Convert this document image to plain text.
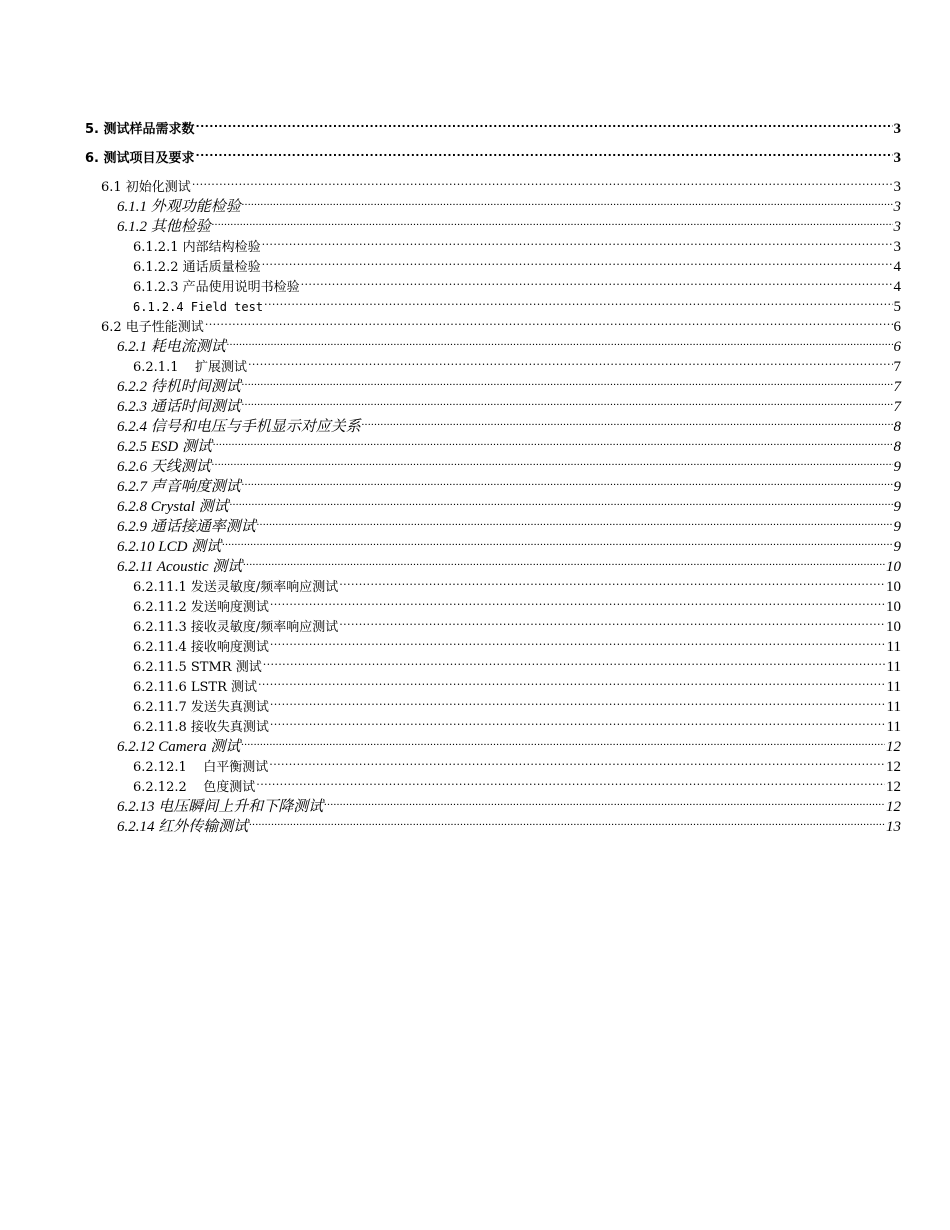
5. 测试样品需求数 .....	3
6. 测试项目及要求 .....	3
6.1 初始化测试 .....	3
6.1.1 外观功能检验 .....	3
6.1.2 其他检验 .....	3
6.1.2.1 内部结构检验 .....	3
6.1.2.2 通话质量检验 .....	4
6.1.2.3 产品使用说明书检验 .....	4
6.1.2.4 Field test .....	5
6.2 电子性能测试 .....	6
6.2.1 耗电流测试 .....	6
6.2.1.1    扩展测试 .....	7
6.2.2 待机时间测试 .....	7
6.2.3 通话时间测试 .....	7
6.2.4 信号和电压与手机显示对应关系 .....	8
6.2.5 ESD 测试 .....	8
6.2.6 天线测试 .....	9
6.2.7 声音响度测试 .....	9
6.2.8 Crystal 测试 .....	9
6.2.9 通话接通率测试 .....	9
6.2.10 LCD 测试 .....	9
6.2.11 Acoustic 测试 .....	10
6.2.11.1 发送灵敏度/频率响应测试 .....	10
6.2.11.2 发送响度测试 .....	10
6.2.11.3 接收灵敏度/频率响应测试 .....	10
6.2.11.4 接收响度测试 .....	11
6.2.11.5 STMR 测试 .....	11
6.2.11.6 LSTR 测试 .....	11
6.2.11.7 发送失真测试 .....	11
6.2.11.8 接收失真测试 .....	11
6.2.12 Camera 测试 .....	12
6.2.12.1    白平衡测试 .....	12
6.2.12.2    色度测试 .....	12
6.2.13 电压瞬间上升和下降测试 .....	12
6.2.14 红外传输测试 .....	13
